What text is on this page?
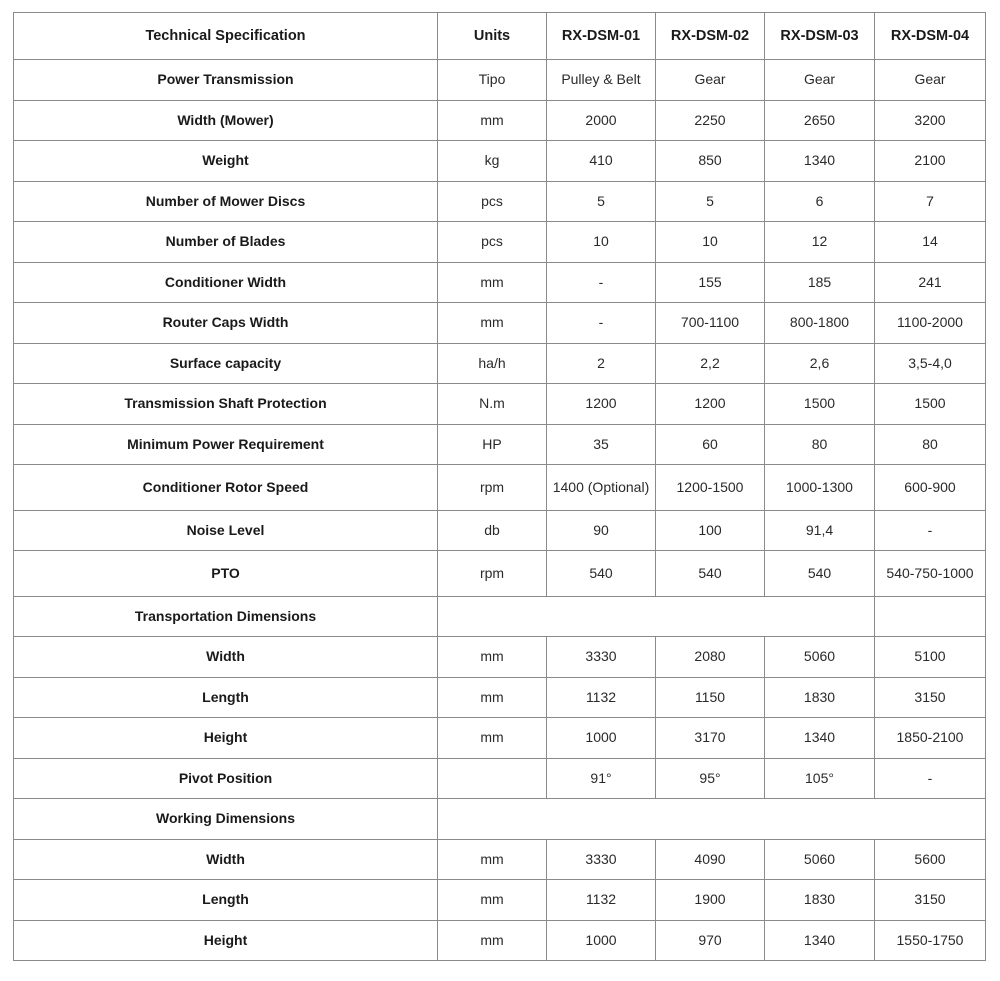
Technical Specification	Units	RX-DSM-01	RX-DSM-02	RX-DSM-03	RX-DSM-04
Power Transmission	Tipo	Pulley & Belt	Gear	Gear	Gear
Width (Mower)	mm	2000	2250	2650	3200
Weight	kg	410	850	1340	2100
Number of Mower Discs	pcs	5	5	6	7
Number of Blades	pcs	10	10	12	14
Conditioner Width	mm	-	155	185	241
Router Caps Width	mm	-	700-1100	800-1800	1100-2000
Surface capacity	ha/h	2	2,2	2,6	3,5-4,0
Transmission Shaft Protection	N.m	1200	1200	1500	1500
Minimum Power Requirement	HP	35	60	80	80
Conditioner Rotor Speed	rpm	1400 (Optional)	1200-1500	1000-1300	600-900
Noise Level	db	90	100	91,4	-
PTO	rpm	540	540	540	540-750-1000
Transportation Dimensions					
Width	mm	3330	2080	5060	5100
Length	mm	1132	1150	1830	3150
Height	mm	1000	3170	1340	1850-2100
Pivot Position		91°	95°	105°	-
Working Dimensions					
Width	mm	3330	4090	5060	5600
Length	mm	1132	1900	1830	3150
Height	mm	1000	970	1340	1550-1750
